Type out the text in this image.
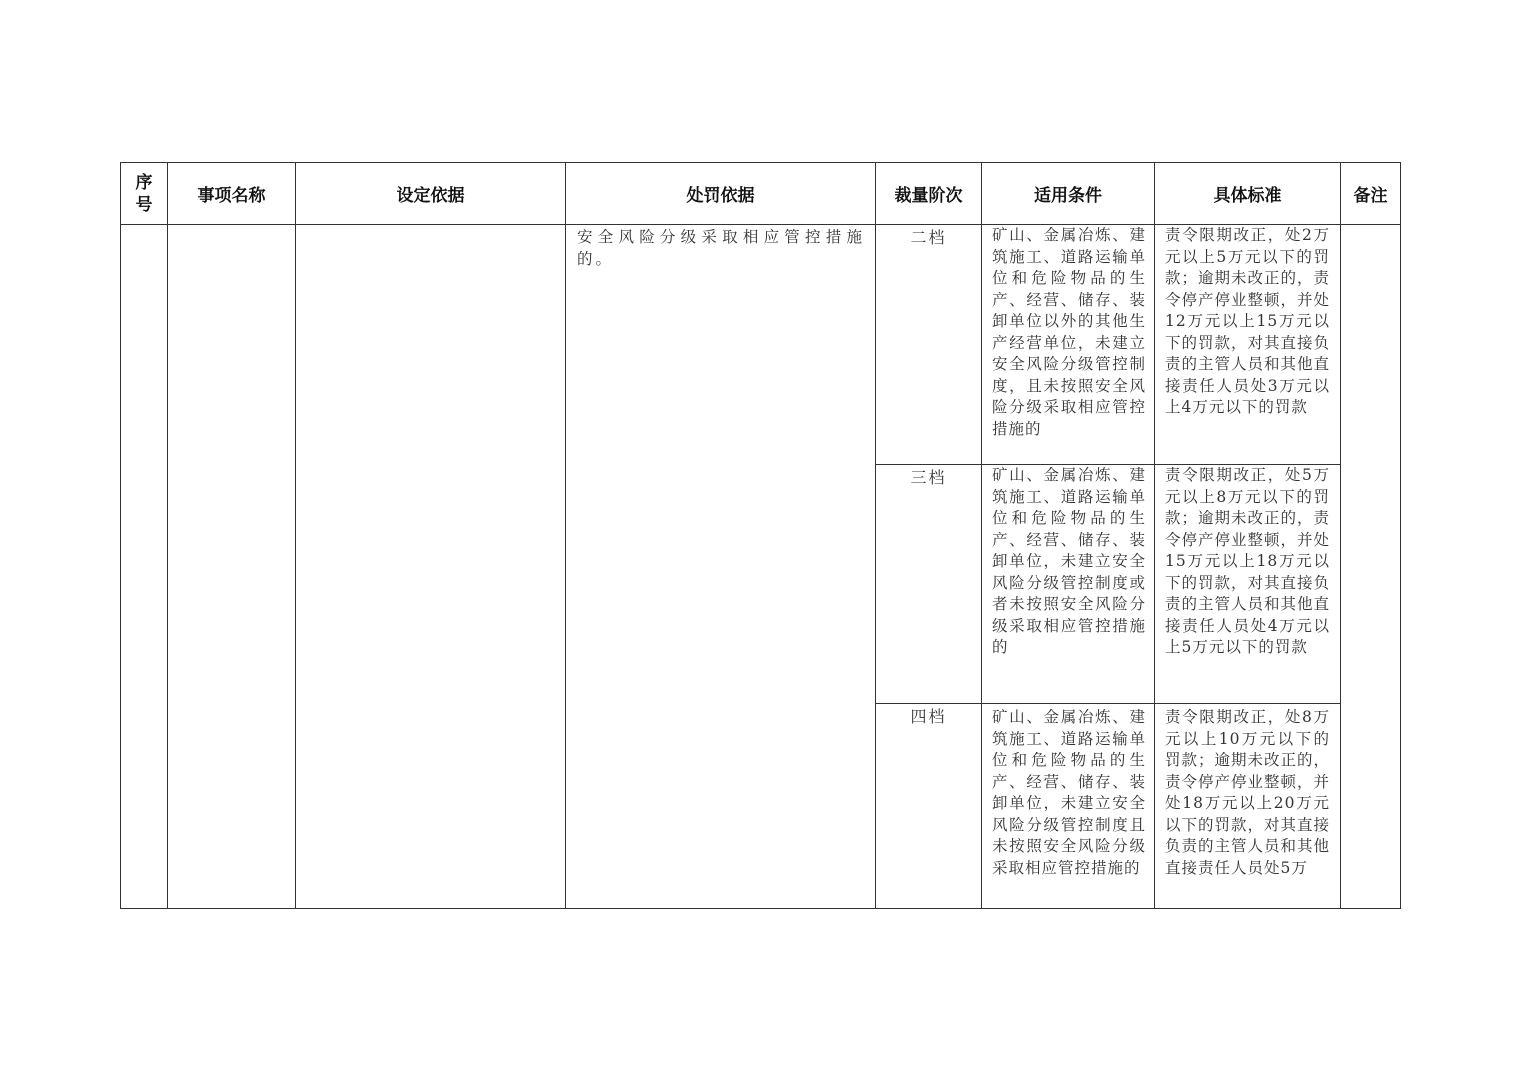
序号	事项名称	设定依据	处罚依据	裁量阶次	适用条件	具体标准	备注

			安全风险分级采取相应管控措施的。	二档	矿山、金属冶炼、建筑施工、道路运输单位和危险物品的生产、经营、储存、装卸单位以外的其他生产经营单位，未建立安全风险分级管控制度，且未按照安全风险分级采取相应管控措施的	责令限期改正，处2万元以上5万元以下的罚款；逾期未改正的，责令停产停业整顿，并处12万元以上15万元以下的罚款，对其直接负责的主管人员和其他直接责任人员处3万元以上4万元以下的罚款	

				三档	矿山、金属冶炼、建筑施工、道路运输单位和危险物品的生产、经营、储存、装卸单位，未建立安全风险分级管控制度或者未按照安全风险分级采取相应管控措施的	责令限期改正，处5万元以上8万元以下的罚款；逾期未改正的，责令停产停业整顿，并处15万元以上18万元以下的罚款，对其直接负责的主管人员和其他直接责任人员处4万元以上5万元以下的罚款	

				四档	矿山、金属冶炼、建筑施工、道路运输单位和危险物品的生产、经营、储存、装卸单位，未建立安全风险分级管控制度且未按照安全风险分级采取相应管控措施的	责令限期改正，处8万元以上10万元以下的罚款；逾期未改正的，责令停产停业整顿，并处18万元以上20万元以下的罚款，对其直接负责的主管人员和其他直接责任人员处5万	
